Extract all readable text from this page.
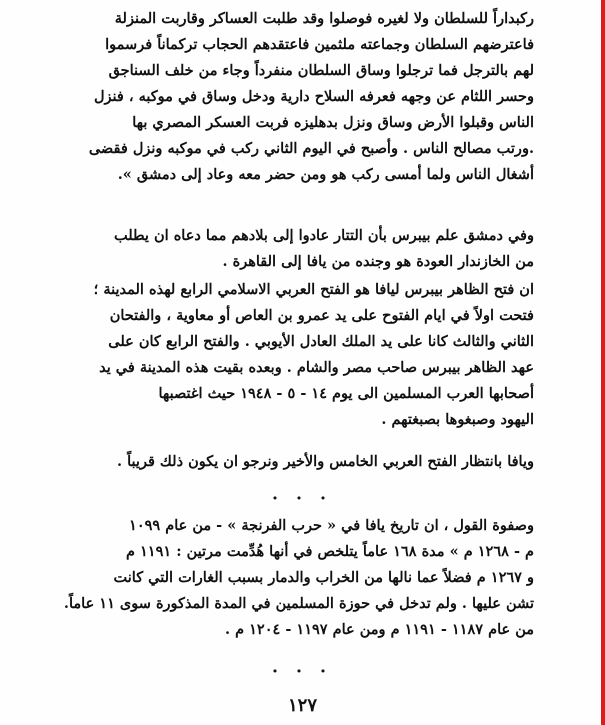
ركبداراً للسلطان ولا لغيره فوصلوا وقد طلبت العساكر وقاربت المنزلة
فاعترضهم السلطان وجماعته ملثمين فاعتقدهم الحجاب تركماناً فرسموا
لهم بالترجل فما ترجلوا وساق السلطان منفرداً وجاء من خلف السناجق
وحسر اللثام عن وجهه فعرفه السلاح دارية ودخل وساق في موكبه ، فنزل
الناس وقبلوا الأرض وساق ونزل بدهليزه فربت العسكر المصري بها
.ورتب مصالح الناس . وأصبح في اليوم الثاني ركب في موكبه ونزل فقضى
أشغال الناس ولما أمسى ركب هو ومن حضر معه وعاد إلى دمشق ».
وفي دمشق علم بيبرس بأن التتار عادوا إلى بلادهم مما دعاه ان يطلب
من الخازندار العودة هو وجنده من يافا إلى القاهرة .
ان فتح الظاهر بيبرس ليافا هو الفتح العربي الاسلامي الرابع لهذه المدينة ؛
فتحت اولاً في ايام الفتوح على يد عمرو بن العاص أو معاوية ، والفتحان
الثاني والثالث كانا على يد الملك العادل الأيوبي . والفتح الرابع كان على
عهد الظاهر بيبرس صاحب مصر والشام . وبعده بقيت هذه المدينة في يد
أصحابها العرب المسلمين الى يوم ١٤ - ٥ - ١٩٤٨ حيث اغتصبها
اليهود وصبغوها بصبغتهم .
ويافا بانتظار الفتح العربي الخامس والأخير ونرجو ان يكون ذلك قريباً .
• • •
وصفوة القول ، ان تاريخ يافا في « حرب الفرنجة » - من عام ١٠٩٩
م - ١٢٦٨ م » مدة ١٦٨ عاماً يتلخص في أنها هُدِّمت مرتين : ١١٩١ م
و ١٢٦٧ م فضلاً عما نالها من الخراب والدمار بسبب الغارات التي كانت
تشن عليها . ولم تدخل في حوزة المسلمين في المدة المذكورة سوى ١١ عاماً.
من عام ١١٨٧ - ١١٩١ م ومن عام ١١٩٧ - ١٢٠٤ م .
• • •
١٢٧
